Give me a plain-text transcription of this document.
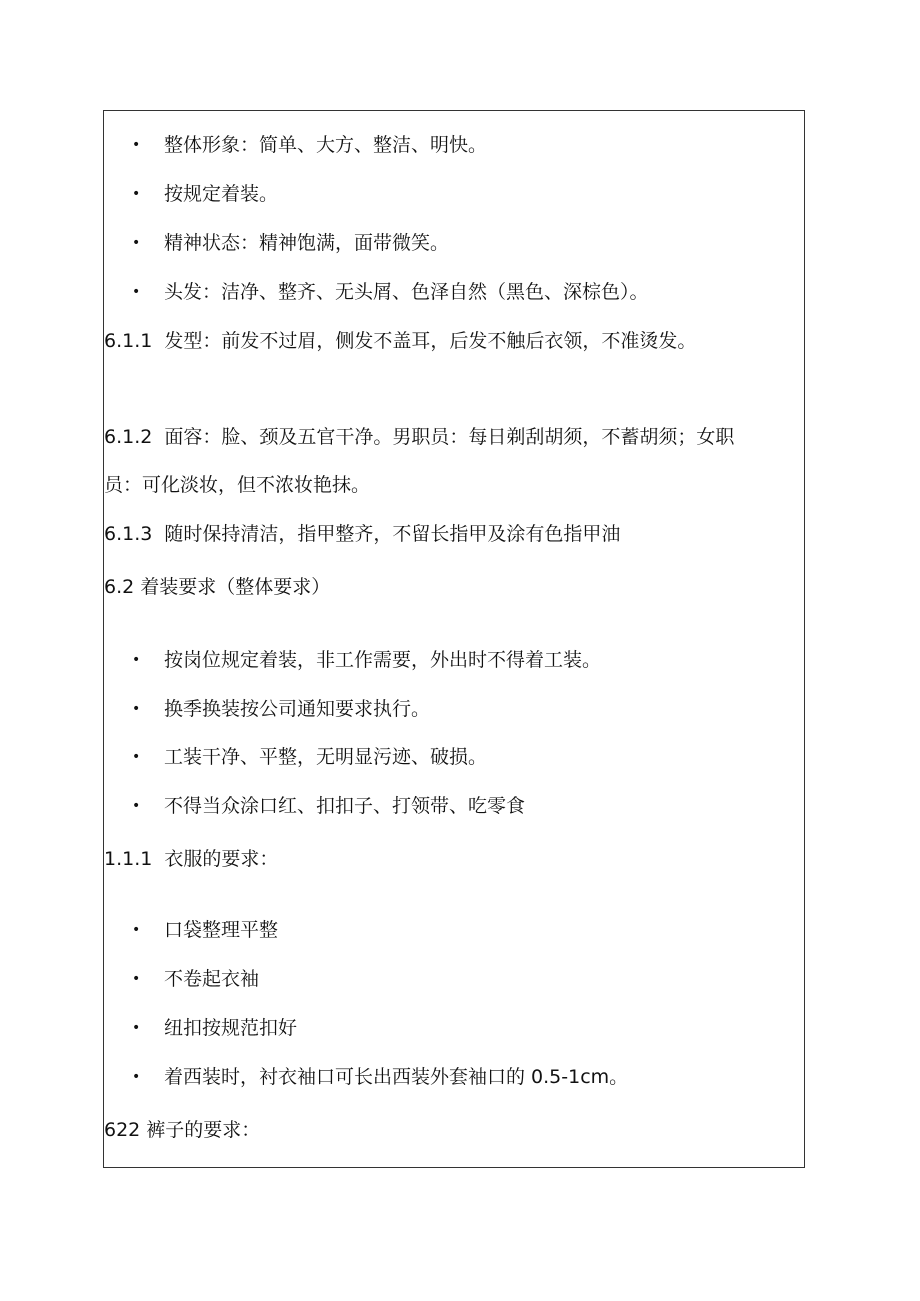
• 整体形象：简单、大方、整洁、明快。
• 按规定着装。
• 精神状态：精神饱满，面带微笑。
• 头发：洁净、整齐、无头屑、色泽自然（黑色、深棕色）。
6.1.1 发型：前发不过眉，侧发不盖耳，后发不触后衣领，不准烫发。
6.1.2 面容：脸、颈及五官干净。男职员：每日剃刮胡须，不蓄胡须；女职
员：可化淡妆，但不浓妆艳抹。
6.1.3 随时保持清洁，指甲整齐，不留长指甲及涂有色指甲油
6.2 着装要求（整体要求）
• 按岗位规定着装，非工作需要，外出时不得着工装。
• 换季换装按公司通知要求执行。
• 工装干净、平整，无明显污迹、破损。
• 不得当众涂口红、扣扣子、打领带、吃零食
1.1.1 衣服的要求：
• 口袋整理平整
• 不卷起衣袖
• 纽扣按规范扣好
• 着西装时，衬衣袖口可长出西装外套袖口的 0.5-1cm。
622 裤子的要求：
